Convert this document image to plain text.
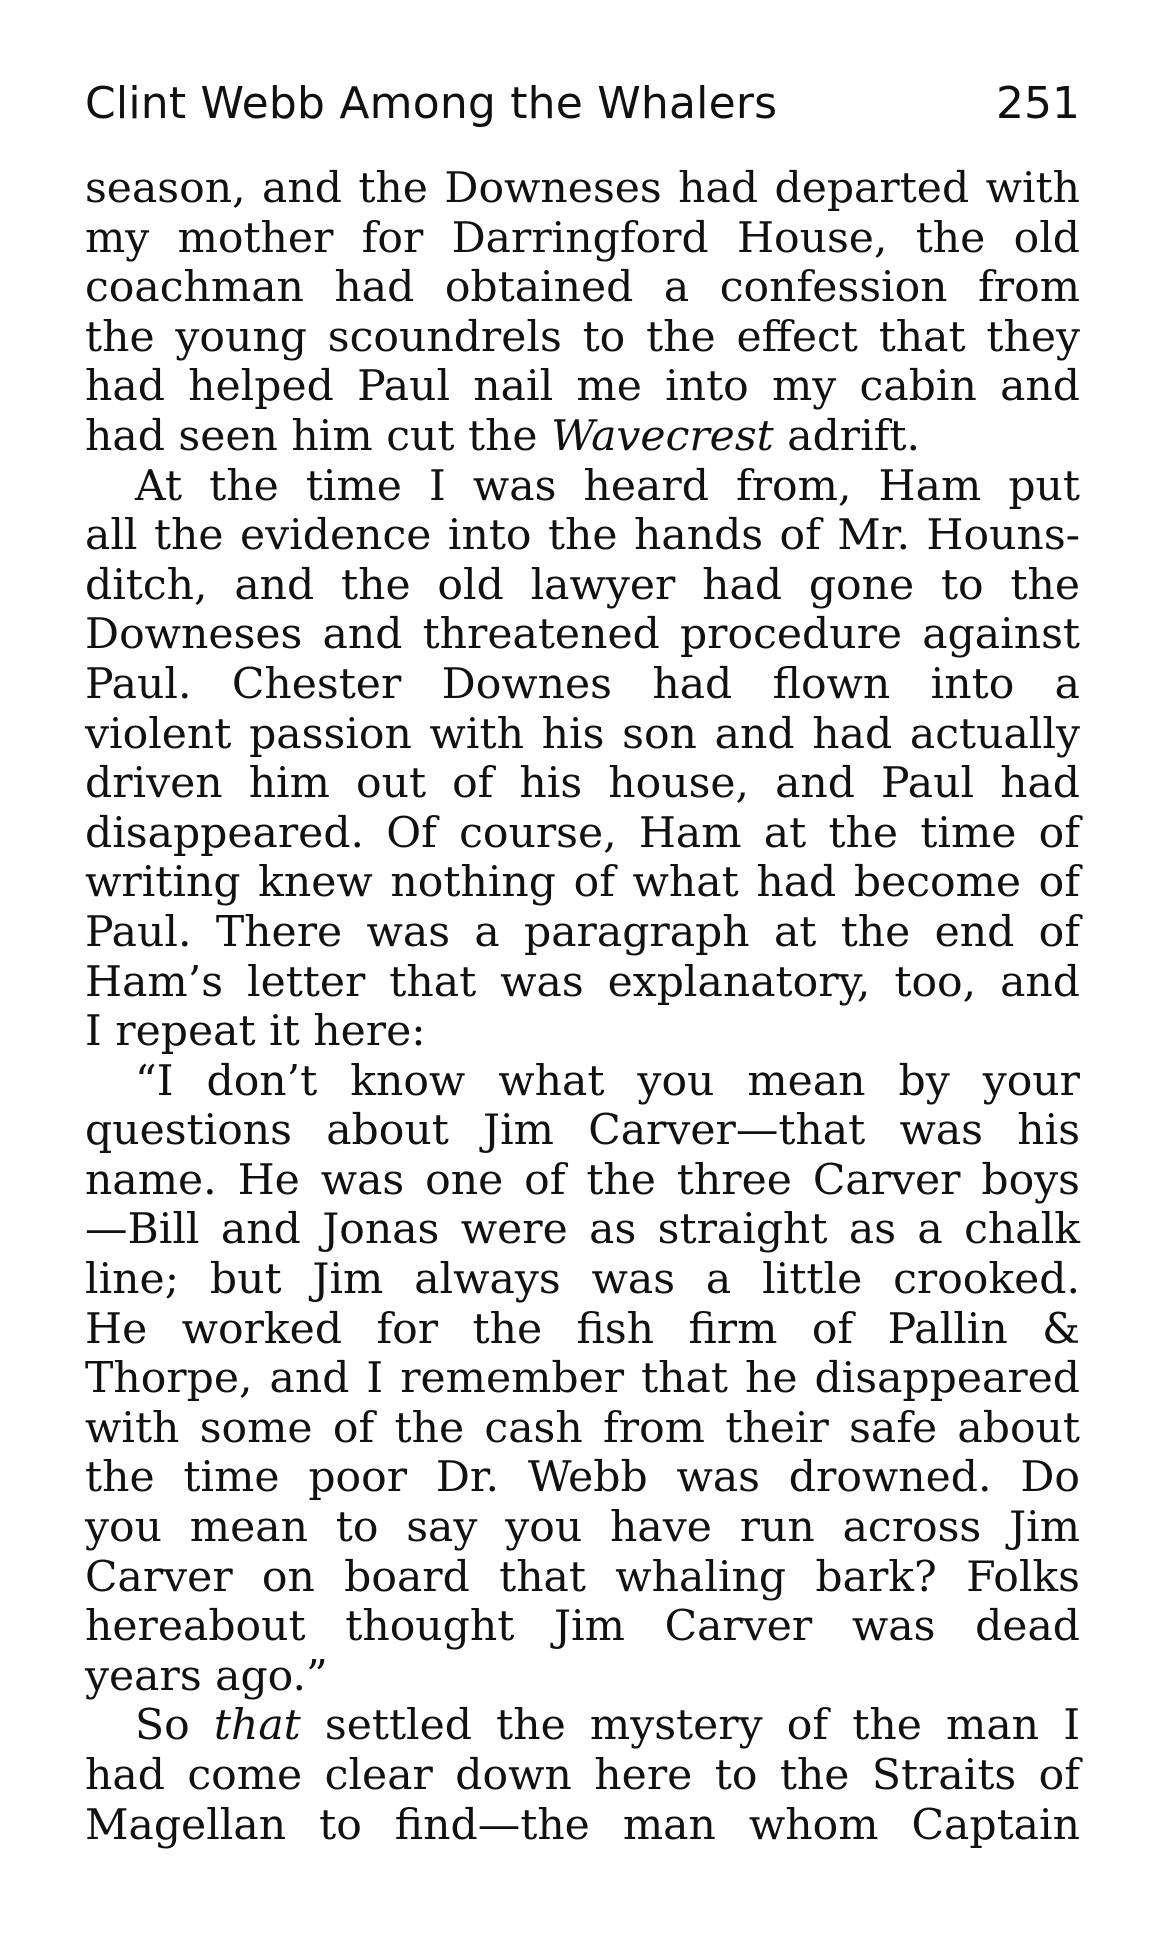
Clint Webb Among the Whalers	251
season, and the Downeses had departed with
my mother for Darringford House, the old
coachman had obtained a confession from
the young scoundrels to the effect that they
had helped Paul nail me into my cabin and
had seen him cut the Wavecrest adrift.
At the time I was heard from, Ham put
all the evidence into the hands of Mr. Houns-
ditch, and the old lawyer had gone to the
Downeses and threatened procedure against
Paul. Chester Downes had flown into a
violent passion with his son and had actually
driven him out of his house, and Paul had
disappeared. Of course, Ham at the time of
writing knew nothing of what had become of
Paul. There was a paragraph at the end of
Ham’s letter that was explanatory, too, and
I repeat it here:
“I don’t know what you mean by your
questions about Jim Carver—that was his
name. He was one of the three Carver boys
—Bill and Jonas were as straight as a chalk
line; but Jim always was a little crooked.
He worked for the fish firm of Pallin &
Thorpe, and I remember that he disappeared
with some of the cash from their safe about
the time poor Dr. Webb was drowned. Do
you mean to say you have run across Jim
Carver on board that whaling bark? Folks
hereabout thought Jim Carver was dead
years ago.”
So that settled the mystery of the man I
had come clear down here to the Straits of
Magellan to find—the man whom Captain
